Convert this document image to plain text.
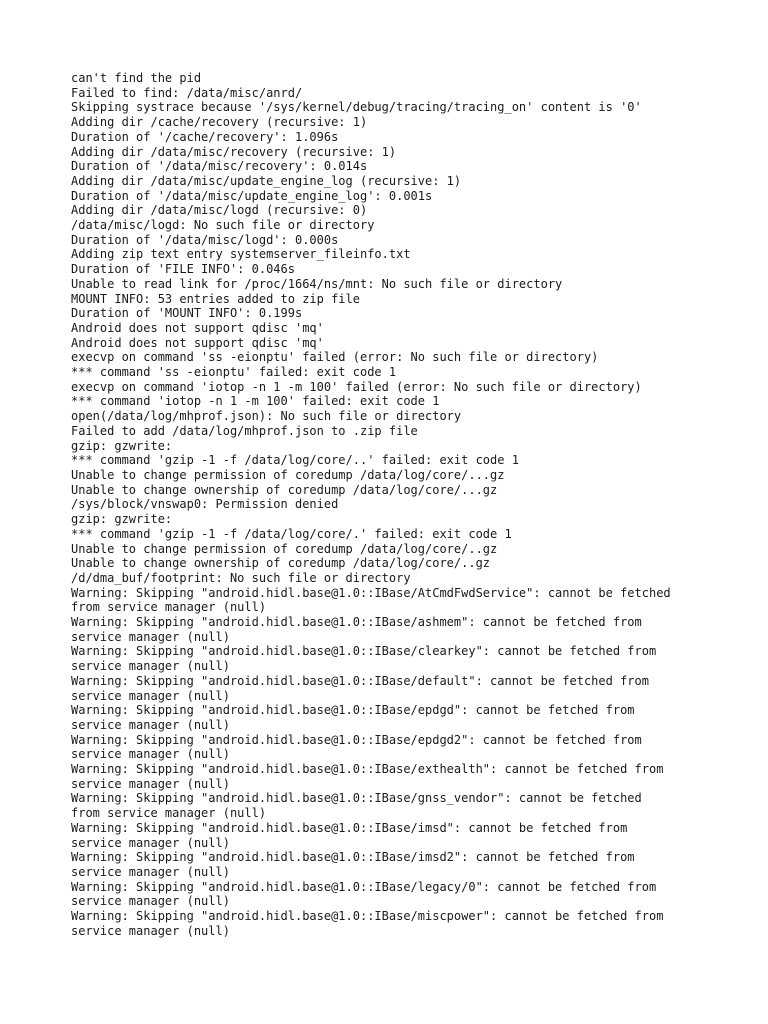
can't find the pid
Failed to find: /data/misc/anrd/
Skipping systrace because '/sys/kernel/debug/tracing/tracing_on' content is '0'
Adding dir /cache/recovery (recursive: 1)
Duration of '/cache/recovery': 1.096s
Adding dir /data/misc/recovery (recursive: 1)
Duration of '/data/misc/recovery': 0.014s
Adding dir /data/misc/update_engine_log (recursive: 1)
Duration of '/data/misc/update_engine_log': 0.001s
Adding dir /data/misc/logd (recursive: 0)
/data/misc/logd: No such file or directory
Duration of '/data/misc/logd': 0.000s
Adding zip text entry systemserver_fileinfo.txt
Duration of 'FILE INFO': 0.046s
Unable to read link for /proc/1664/ns/mnt: No such file or directory
MOUNT INFO: 53 entries added to zip file
Duration of 'MOUNT INFO': 0.199s
Android does not support qdisc 'mq'
Android does not support qdisc 'mq'
execvp on command 'ss -eionptu' failed (error: No such file or directory)
*** command 'ss -eionptu' failed: exit code 1
execvp on command 'iotop -n 1 -m 100' failed (error: No such file or directory)
*** command 'iotop -n 1 -m 100' failed: exit code 1
open(/data/log/mhprof.json): No such file or directory
Failed to add /data/log/mhprof.json to .zip file
gzip: gzwrite:
*** command 'gzip -1 -f /data/log/core/..' failed: exit code 1
Unable to change permission of coredump /data/log/core/...gz
Unable to change ownership of coredump /data/log/core/...gz
/sys/block/vnswap0: Permission denied
gzip: gzwrite:
*** command 'gzip -1 -f /data/log/core/.' failed: exit code 1
Unable to change permission of coredump /data/log/core/..gz
Unable to change ownership of coredump /data/log/core/..gz
/d/dma_buf/footprint: No such file or directory
Warning: Skipping "android.hidl.base@1.0::IBase/AtCmdFwdService": cannot be fetched
from service manager (null)
Warning: Skipping "android.hidl.base@1.0::IBase/ashmem": cannot be fetched from
service manager (null)
Warning: Skipping "android.hidl.base@1.0::IBase/clearkey": cannot be fetched from
service manager (null)
Warning: Skipping "android.hidl.base@1.0::IBase/default": cannot be fetched from
service manager (null)
Warning: Skipping "android.hidl.base@1.0::IBase/epdgd": cannot be fetched from
service manager (null)
Warning: Skipping "android.hidl.base@1.0::IBase/epdgd2": cannot be fetched from
service manager (null)
Warning: Skipping "android.hidl.base@1.0::IBase/exthealth": cannot be fetched from
service manager (null)
Warning: Skipping "android.hidl.base@1.0::IBase/gnss_vendor": cannot be fetched
from service manager (null)
Warning: Skipping "android.hidl.base@1.0::IBase/imsd": cannot be fetched from
service manager (null)
Warning: Skipping "android.hidl.base@1.0::IBase/imsd2": cannot be fetched from
service manager (null)
Warning: Skipping "android.hidl.base@1.0::IBase/legacy/0": cannot be fetched from
service manager (null)
Warning: Skipping "android.hidl.base@1.0::IBase/miscpower": cannot be fetched from
service manager (null)
